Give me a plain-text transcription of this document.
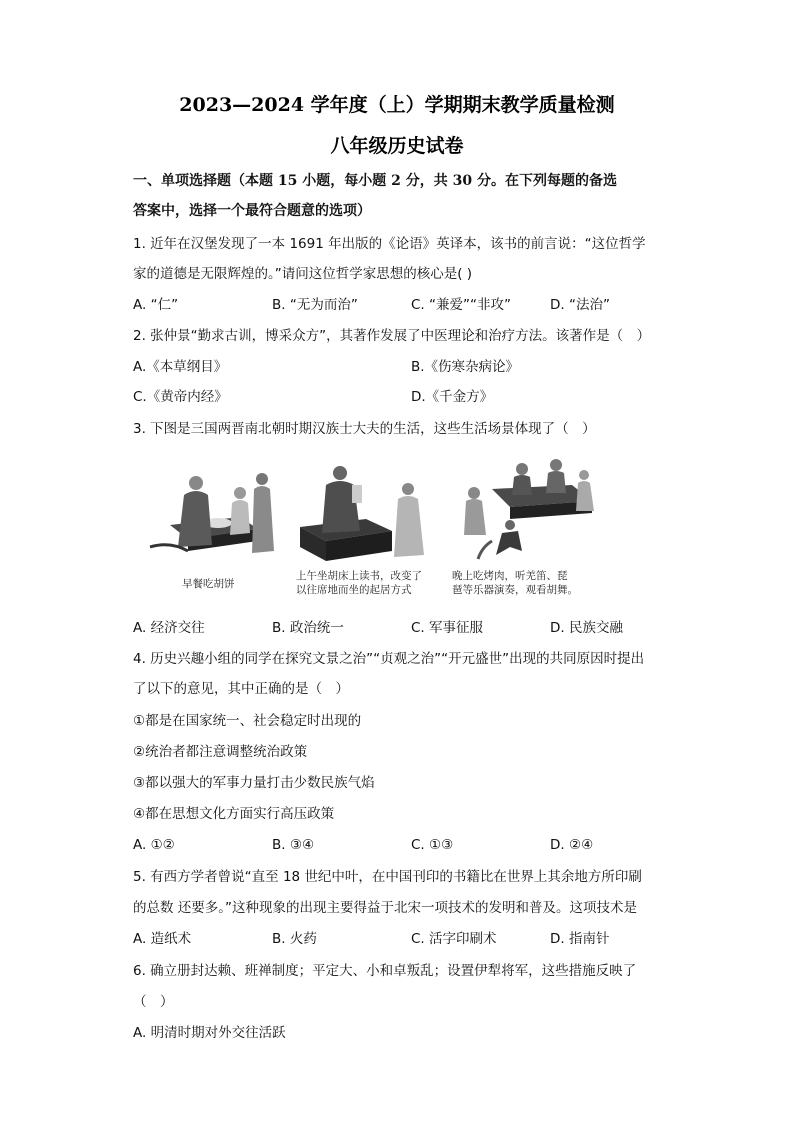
2023—2024 学年度（上）学期期末教学质量检测
八年级历史试卷
一、单项选择题（本题 15 小题，每小题 2 分，共 30 分。在下列每题的备选
答案中，选择一个最符合题意的选项）
1. 近年在汉堡发现了一本 1691 年出版的《论语》英译本，该书的前言说：“这位哲学
家的道德是无限辉煌的。”请问这位哲学家思想的核心是( )
A. “仁”	B. “无为而治”	C. “兼爱”“非攻”	D. “法治”
2. 张仲景“勤求古训，博采众方”，其著作发展了中医理论和治疗方法。该著作是（　）
A.《本草纲目》	B.《伤寒杂病论》
C.《黄帝内经》	D.《千金方》
3. 下图是三国两晋南北朝时期汉族士大夫的生活，这些生活场景体现了（　）
早餐吃胡饼
上午坐胡床上读书，改变了
以往席地而坐的起居方式
晚上吃烤肉，听羌笛、琵
琶等乐器演奏，观看胡舞。
A. 经济交往	B. 政治统一	C. 军事征服	D. 民族交融
4. 历史兴趣小组的同学在探究文景之治”“贞观之治”“开元盛世”出现的共同原因时提出
了以下的意见，其中正确的是（　）
①都是在国家统一、社会稳定时出现的
②统治者都注意调整统治政策
③都以强大的军事力量打击少数民族气焰
④都在思想文化方面实行高压政策
A. ①②	B. ③④	C. ①③	D. ②④
5. 有西方学者曾说“直至 18 世纪中叶，在中国刊印的书籍比在世界上其余地方所印刷
的总数 还要多。”这种现象的出现主要得益于北宋一项技术的发明和普及。这项技术是
A. 造纸术	B. 火药	C. 活字印刷术	D. 指南针
6. 确立册封达赖、班禅制度；平定大、小和卓叛乱；设置伊犁将军，这些措施反映了
（　）
A. 明清时期对外交往活跃
